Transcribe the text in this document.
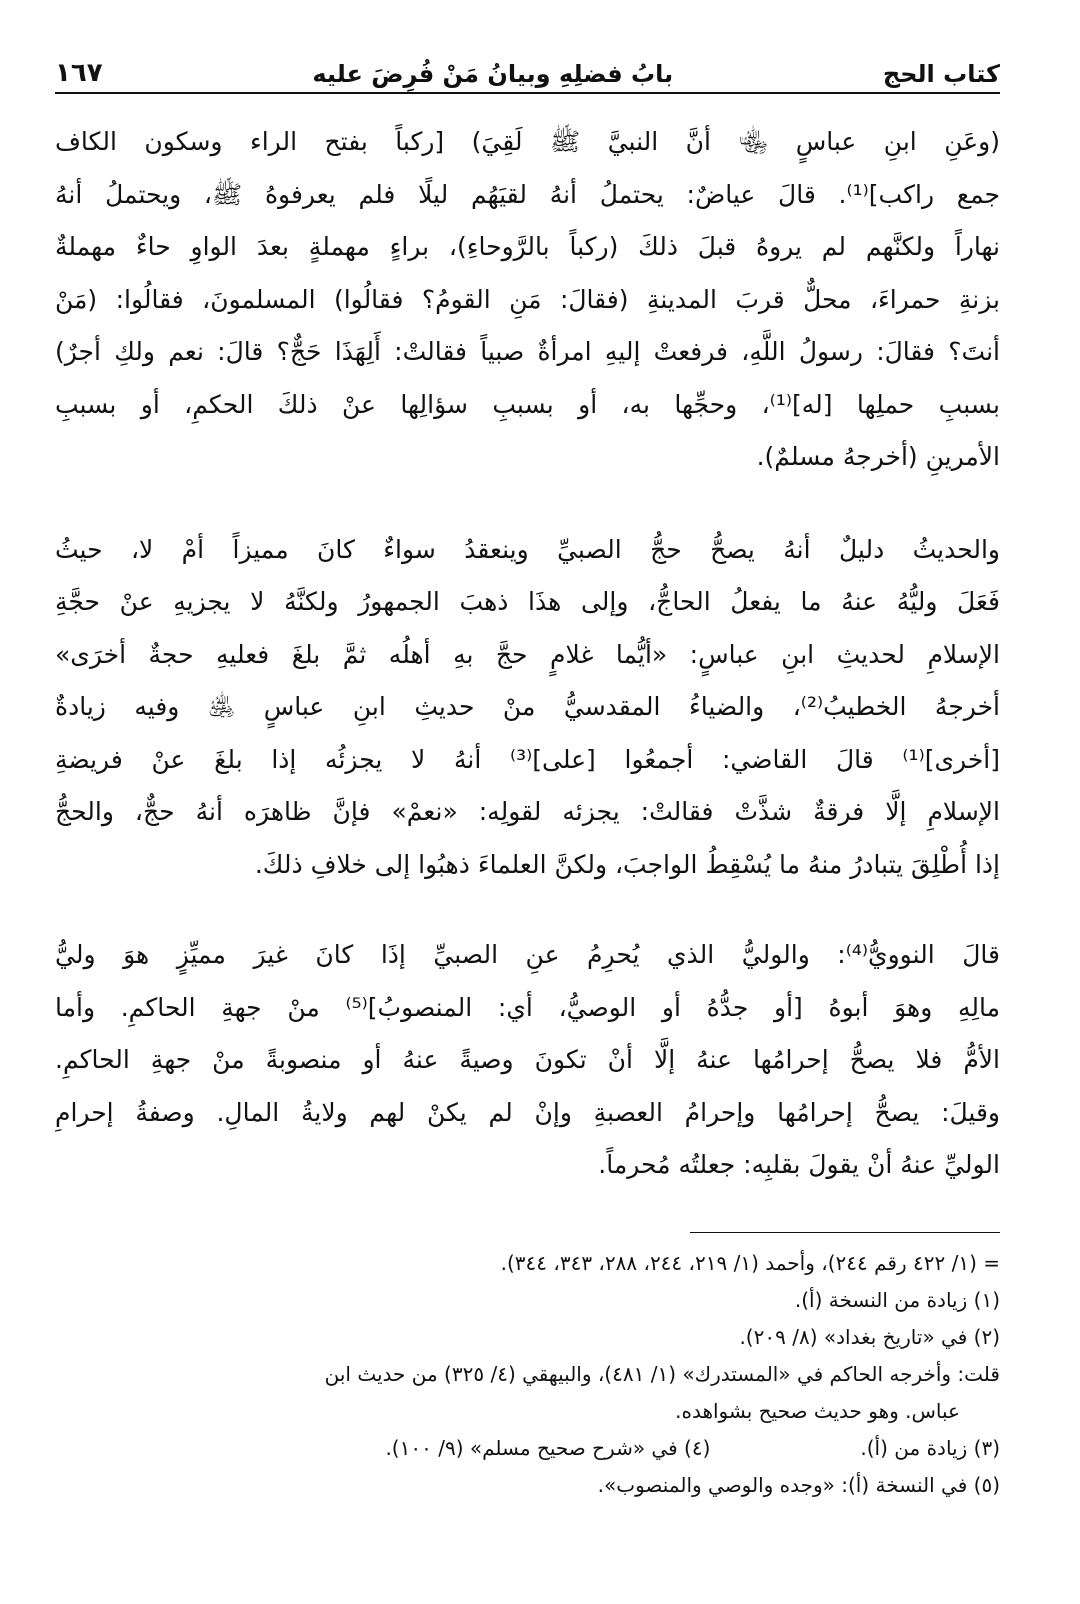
كتاب الحج
بابُ فضلِهِ وبيانُ مَنْ فُرِضَ عليه
١٦٧
(وعَنِ ابنِ عباسٍ ﵄ أنَّ النبيَّ ﷺ لَقِيَ) [ركباً بفتح الراء وسكون الكاف
جمع راكب]⁽¹⁾. قالَ عياضٌ: يحتملُ أنهُ لقيَهُم ليلًا فلم يعرفوهُ ﷺ، ويحتملُ أنهُ
نهاراً ولكنَّهم لم يروهُ قبلَ ذلكَ (ركباً بالرَّوحاءِ)، براءٍ مهملةٍ بعدَ الواوِ حاءٌ مهملةٌ
بزنةِ حمراءَ، محلٌّ قربَ المدينةِ (فقالَ: مَنِ القومُ؟ فقالُوا) المسلمونَ، فقالُوا: (مَنْ
أنتَ؟ فقالَ: رسولُ اللَّهِ، فرفعتْ إليهِ امرأةٌ صبياً فقالتْ: أَلِهَذَا حَجٌّ؟ قالَ: نعم ولكِ أجرٌ)
بسببِ حملِها [له]⁽¹⁾، وحجِّها به، أو بسببِ سؤالِها عنْ ذلكَ الحكمِ، أو بسببِ
الأمرينِ (أخرجهُ مسلمٌ).
والحديثُ دليلٌ أنهُ يصحُّ حجُّ الصبيِّ وينعقدُ سواءٌ كانَ مميزاً أمْ لا، حيثُ
فَعَلَ وليُّهُ عنهُ ما يفعلُ الحاجُّ، وإلى هذَا ذهبَ الجمهورُ ولكنَّهُ لا يجزيهِ عنْ حجَّةِ
الإسلامِ لحديثِ ابنِ عباسٍ: «أيُّما غلامٍ حجَّ بهِ أهلُه ثمَّ بلغَ فعليهِ حجةٌ أخرَى»
أخرجهُ الخطيبُ⁽²⁾، والضياءُ المقدسيُّ منْ حديثِ ابنِ عباسٍ ﵁ وفيه زيادةٌ
[أخرى]⁽¹⁾ قالَ القاضي: أجمعُوا [على]⁽³⁾ أنهُ لا يجزئُه إذا بلغَ عنْ فريضةِ
الإسلامِ إلَّا فرقةٌ شذَّتْ فقالتْ: يجزئه لقولِه: «نعمْ» فإنَّ ظاهرَه أنهُ حجٌّ، والحجُّ
إذا أُطْلِقَ يتبادرُ منهُ ما يُسْقِطُ الواجبَ، ولكنَّ العلماءَ ذهبُوا إلى خلافِ ذلكَ.
قالَ النوويُّ⁽⁴⁾: والوليُّ الذي يُحرِمُ عنِ الصبيِّ إذَا كانَ غيرَ مميِّزٍ هوَ وليُّ
مالِهِ وهوَ أبوهُ [أو جدُّهُ أو الوصيُّ، أي: المنصوبُ]⁽⁵⁾ منْ جهةِ الحاكمِ. وأما
الأمُّ فلا يصحُّ إحرامُها عنهُ إلَّا أنْ تكونَ وصيةً عنهُ أو منصوبةً منْ جهةِ الحاكمِ.
وقيلَ: يصحُّ إحرامُها وإحرامُ العصبةِ وإنْ لم يكنْ لهم ولايةُ المالِ. وصفةُ إحرامِ
الوليِّ عنهُ أنْ يقولَ بقلبِه: جعلتُه مُحرماً.
= (١/ ٤٢٢ رقم ٢٤٤)، وأحمد (١/ ٢١٩، ٢٤٤، ٢٨٨، ٣٤٣، ٣٤٤).
(١) زيادة من النسخة (أ).
(٢) في «تاريخ بغداد» (٨/ ٢٠٩).
قلت: وأخرجه الحاكم في «المستدرك» (١/ ٤٨١)، والبيهقي (٤/ ٣٢٥) من حديث ابن
عباس. وهو حديث صحيح بشواهده.
(٣) زيادة من (أ).
(٤) في «شرح صحيح مسلم» (٩/ ١٠٠).
(٥) في النسخة (أ): «وجده والوصي والمنصوب».
